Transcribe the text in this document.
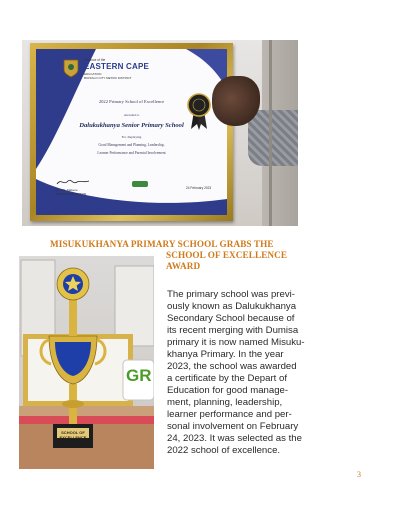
Province of the
EASTERN CAPE
EDUCATION
BUFFALO CITY METRO DISTRICT
2022 Primary School of Excellence
Awarded to
Dalukukhanya Senior Primary School
For displaying
Good Management and Planning, Leadership,
Learner Performance and Parental Involvement
Mr. T.E. Mabece
DISTRICT DIRECTOR
24 February 2023
MISUKUKHANYA PRIMARY SCHOOL GRABS THE
SCHOOL OF EXCELLENCE
AWARD
SCHOOL OF EXCELLENCE
GR
The primary school was previ-
ously known as Dalukukhanya
Secondary School because of
its recent merging with Dumisa
primary it is now named Misuku-
khanya Primary. In the year
2023, the school was awarded
a certificate by the Depart of
Education for good manage-
ment, planning, leadership,
learner performance and per-
sonal involvement on February
24, 2023. It was selected as the
2022 school of excellence.
3
